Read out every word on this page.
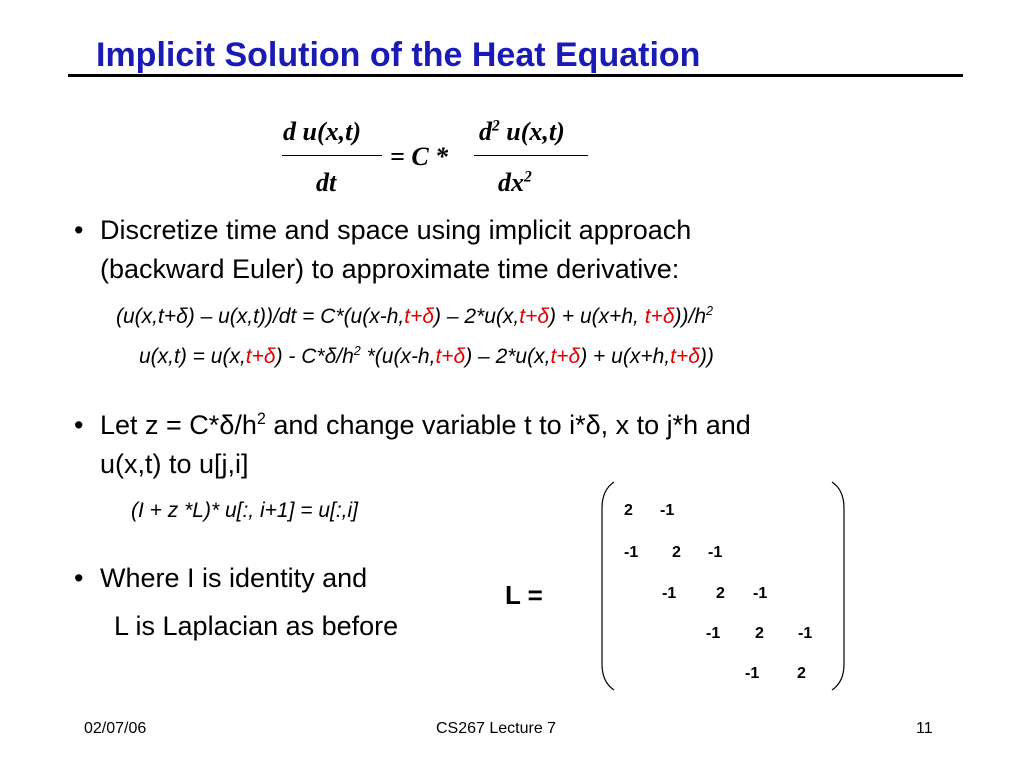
Implicit Solution of the Heat Equation
d u(x,t)
dt
= C *
$d^2$ u(x,t)
$dx^2$
• Discretize time and space using implicit approach
(backward Euler) to approximate time derivative:
(u(x,t+δ) – u(x,t))/dt = C*(u(x-h,t+δ) – 2*u(x,t+δ) + u(x+h, $t+\delta))/h^2$
$u(x,t) = u(x,t+\delta) - C*\delta/h^2$ *(u(x-h,t+δ) – 2*u(x,t+δ) + u(x+h,t+δ))
• Let $z = C*\delta/h^2$ and change variable t to i*δ, x to j*h and
u(x,t) to u[j,i]
(I + z *L)* u[:, i+1] = u[:,i]
• Where I is identity and
L is Laplacian as before
L =
2 -1
-1 2 -1
-1 2 -1
-1 2 -1
-1 2
02/07/06	CS267 Lecture 7	11
